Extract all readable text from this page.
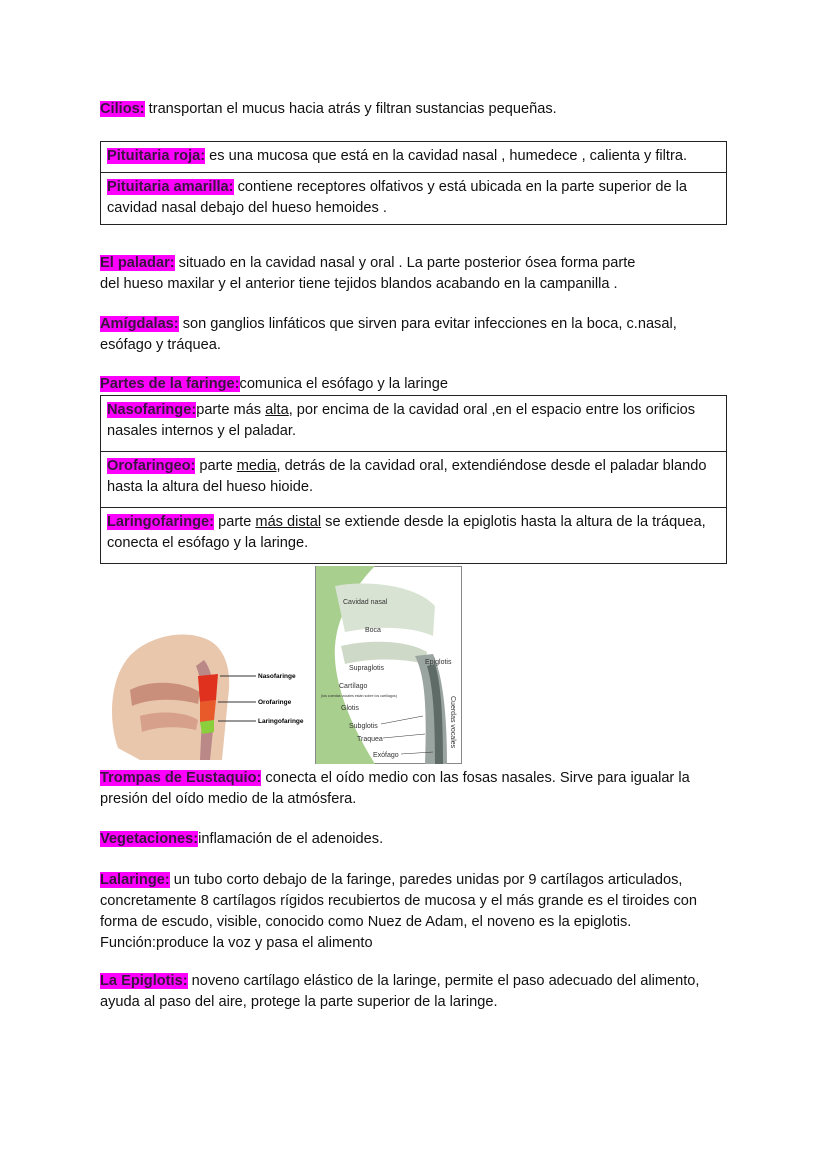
Cilios: transportan el mucus hacia atrás y filtran sustancias pequeñas.
Pituitaria roja: es una mucosa que está en la cavidad nasal , humedece , calienta y filtra.
Pituitaria amarilla: contiene receptores olfativos y está ubicada en la parte superior de la cavidad nasal debajo del hueso hemoides .
El paladar: situado en la cavidad nasal y oral . La parte posterior ósea forma parte
del hueso maxilar y el anterior tiene tejidos blandos acabando en la campanilla .
Amígdalas: son ganglios linfáticos que sirven para evitar infecciones en la boca, c.nasal, esófago y tráquea.
Partes de la faringe:comunica el esófago y la laringe
Nasofaringe:parte más alta, por encima de la cavidad oral ,en el espacio entre los orificios nasales internos y el paladar.
Orofaringeo: parte media, detrás de la cavidad oral, extendiéndose desde el paladar blando hasta la altura del hueso hioide.
Laringofaringe: parte más distal se extiende desde la epiglotis hasta la altura de la tráquea, conecta el esófago y la laringe.
Nasofaringe
Orofaringe
Laringofaringe
Cavidad nasal
Boca
Supraglotis
Epiglotis
Cartílago
(los cuerdas vocales están sobre los cartílagos)
Glotis
Subglotis
Traquea
Exófago
Cuerdas vocales
Trompas de Eustaquio: conecta el oído medio con las fosas nasales. Sirve para igualar la presión del oído medio de la atmósfera.
Vegetaciones:inflamación de el adenoides.
Lalaringe: un tubo corto debajo de la faringe, paredes unidas por 9 cartílagos articulados, concretamente 8 cartílagos rígidos recubiertos de mucosa y el más grande es el tiroides con forma de escudo, visible, conocido como Nuez de Adam, el noveno es la epiglotis.
Función:produce la voz y pasa el alimento
La Epiglotis: noveno cartílago elástico de la laringe, permite el paso adecuado del alimento, ayuda al paso del aire, protege la parte superior de la laringe.
